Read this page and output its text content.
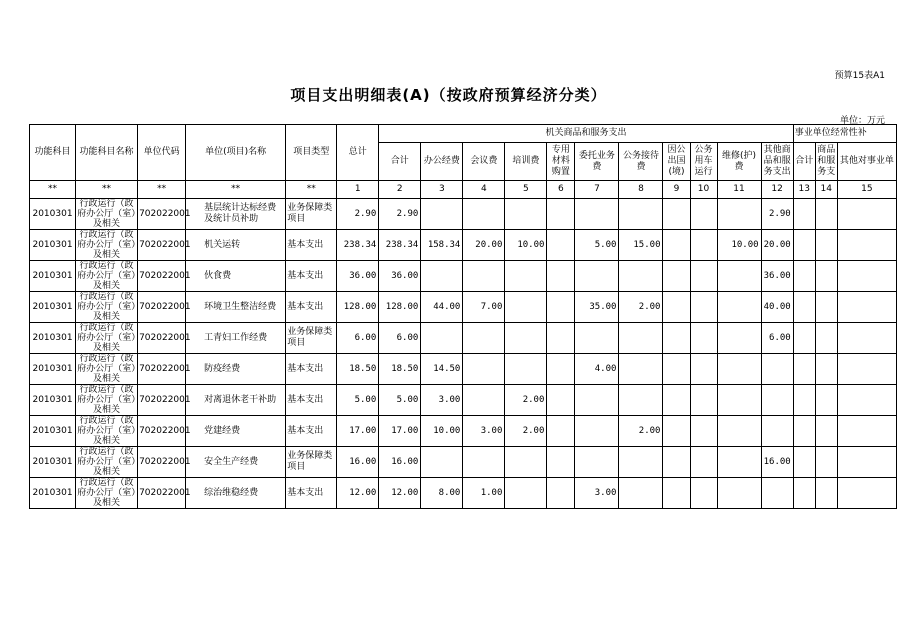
预算15表A1
项目支出明细表(A)（按政府预算经济分类）
单位：万元
功能科目	功能科目名称	单位代码	单位(项目)名称	项目类型	总计	机关商品和服务支出											事业单位经常性补		
						合计	办公经费	会议费	培训费	专用材料购置	委托业务费	公务接待费	因公出国(境)	公务用车运行	维修(护)费	其他商品和服务支出	合计	商品和服务支	其他对事业单
**	**	**	**	**	1	2	3	4	5	6	7	8	9	10	11	12	13	14	15
2010301	行政运行（政府办公厅（室）及相关	702022001	基层统计达标经费及统计员补助	业务保障类项目	2.90	2.90										2.90			
2010301	行政运行（政府办公厅（室）及相关	702022001	机关运转	基本支出	238.34	238.34	158.34	20.00	10.00		5.00	15.00			10.00	20.00			
2010301	行政运行（政府办公厅（室）及相关	702022001	伙食费	基本支出	36.00	36.00										36.00			
2010301	行政运行（政府办公厅（室）及相关	702022001	环境卫生整洁经费	基本支出	128.00	128.00	44.00	7.00			35.00	2.00				40.00			
2010301	行政运行（政府办公厅（室）及相关	702022001	工青妇工作经费	业务保障类项目	6.00	6.00										6.00			
2010301	行政运行（政府办公厅（室）及相关	702022001	防疫经费	基本支出	18.50	18.50	14.50				4.00								
2010301	行政运行（政府办公厅（室）及相关	702022001	对离退休老干补助	基本支出	5.00	5.00	3.00		2.00										
2010301	行政运行（政府办公厅（室）及相关	702022001	党建经费	基本支出	17.00	17.00	10.00	3.00	2.00			2.00							
2010301	行政运行（政府办公厅（室）及相关	702022001	安全生产经费	业务保障类项目	16.00	16.00										16.00			
2010301	行政运行（政府办公厅（室）及相关	702022001	综治维稳经费	基本支出	12.00	12.00	8.00	1.00			3.00								
